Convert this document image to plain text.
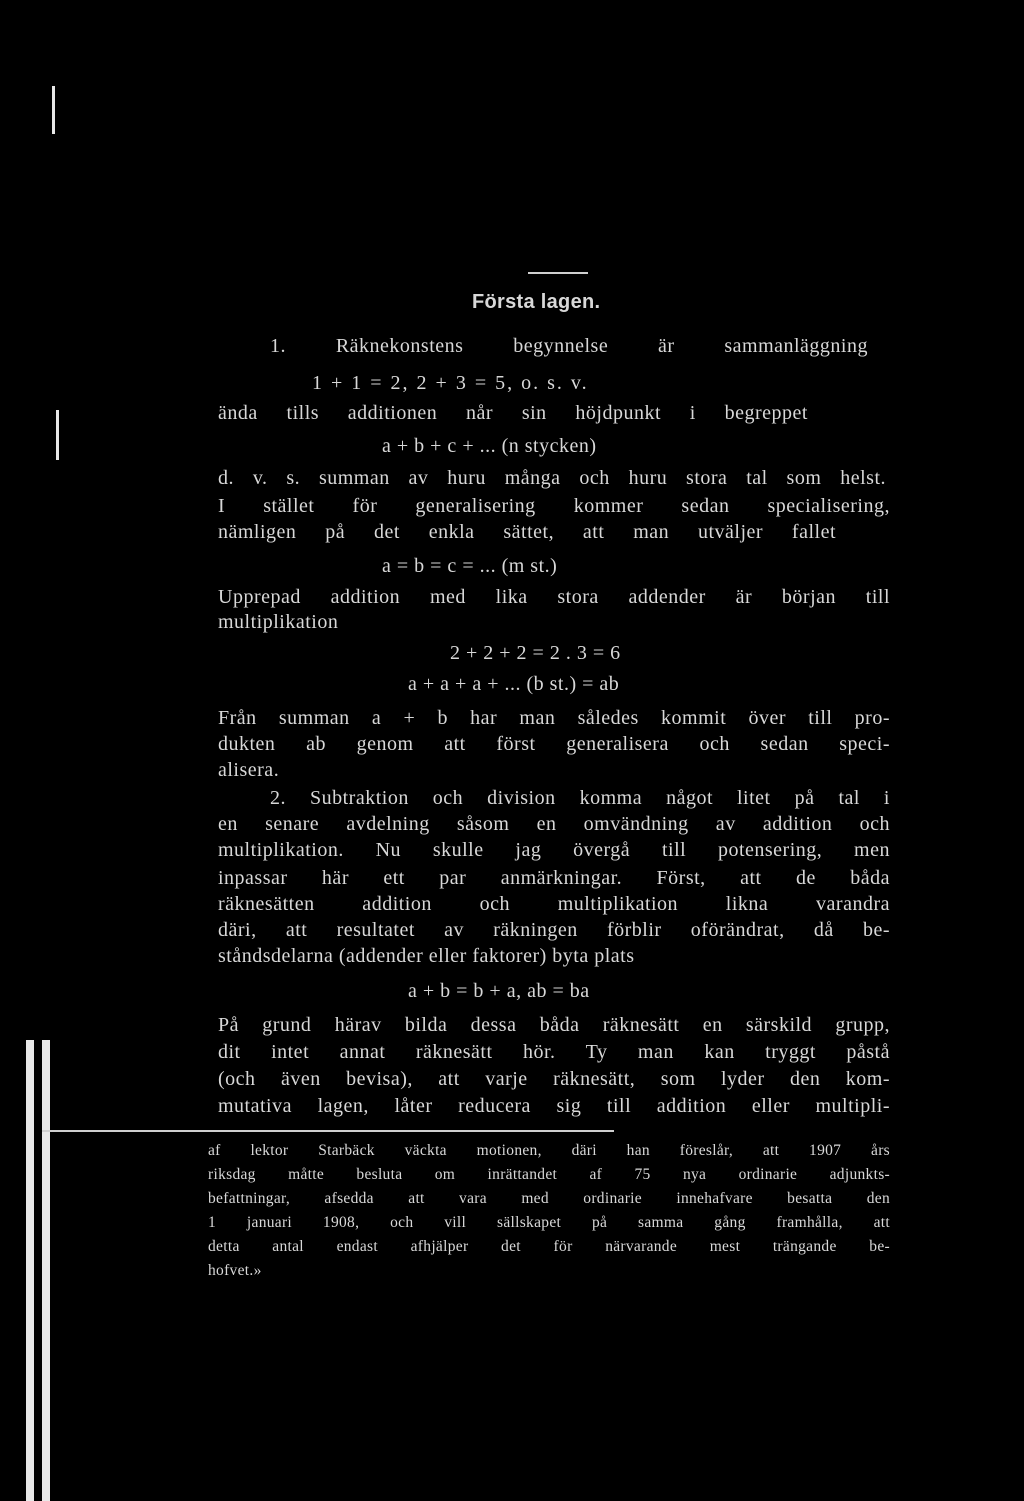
Första lagen.
1. Räknekonstens begynnelse är sammanläggning
1 + 1 = 2, 2 + 3 = 5, o. s. v.
ända tills additionen når sin höjdpunkt i begreppet
a + b + c + ... (n stycken)
d. v. s. summan av huru många och huru stora tal som helst.
I stället för generalisering kommer sedan specialisering,
nämligen på det enkla sättet, att man utväljer fallet
a = b = c = ... (m st.)
Upprepad addition med lika stora addender är början till
multiplikation
2 + 2 + 2 = 2 . 3 = 6
a + a + a + ... (b st.) = ab
Från summan a + b har man således kommit över till pro-
dukten ab genom att först generalisera och sedan speci-
alisera.
2. Subtraktion och division komma något litet på tal i
en senare avdelning såsom en omvändning av addition och
multiplikation. Nu skulle jag övergå till potensering, men
inpassar här ett par anmärkningar. Först, att de båda
räknesätten addition och multiplikation likna varandra
däri, att resultatet av räkningen förblir oförändrat, då be-
ståndsdelarna (addender eller faktorer) byta plats
a + b = b + a, ab = ba
På grund härav bilda dessa båda räknesätt en särskild grupp,
dit intet annat räknesätt hör. Ty man kan tryggt påstå
(och även bevisa), att varje räknesätt, som lyder den kom-
mutativa lagen, låter reducera sig till addition eller multipli-
af lektor Starbäck väckta motionen, däri han föreslår, att 1907 års
riksdag måtte besluta om inrättandet af 75 nya ordinarie adjunkts-
befattningar, afsedda att vara med ordinarie innehafvare besatta den
1 januari 1908, och vill sällskapet på samma gång framhålla, att
detta antal endast afhjälper det för närvarande mest trängande be-
hofvet.»
